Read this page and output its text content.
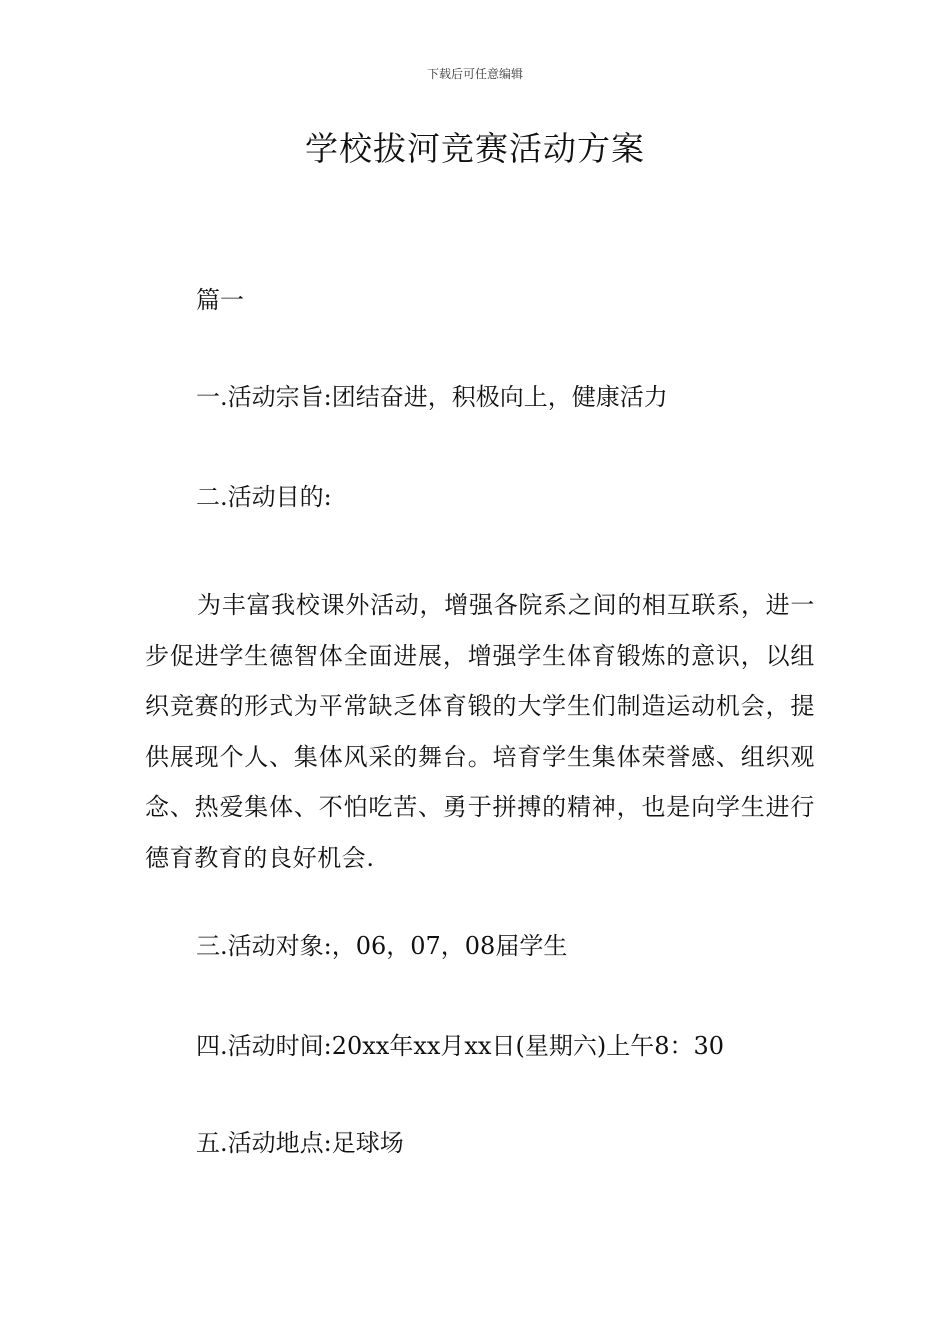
下载后可任意编辑
学校拔河竞赛活动方案

篇一

一.活动宗旨:团结奋进，积极向上，健康活力

二.活动目的:

为丰富我校课外活动，增强各院系之间的相互联系，进一步促进学生德智体全面进展，增强学生体育锻炼的意识，以组织竞赛的形式为平常缺乏体育锻的大学生们制造运动机会，提供展现个人、集体风采的舞台。培育学生集体荣誉感、组织观念、热爱集体、不怕吃苦、勇于拼搏的精神，也是向学生进行德育教育的良好机会.

三.活动对象:，06，07，08届学生

四.活动时间:20xx年xx月xx日(星期六)上午8：30

五.活动地点:足球场
